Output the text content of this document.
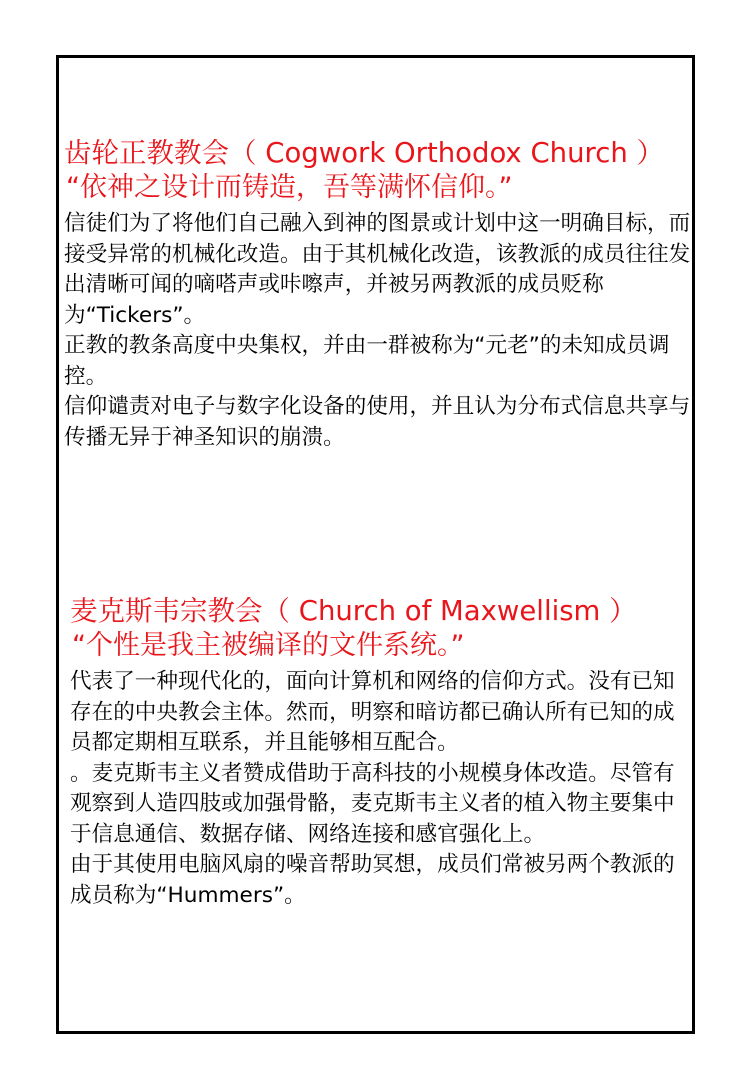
齿轮正教教会（ Cogwork Orthodox Church ）
“依神之设计而铸造，吾等满怀信仰。”

信徒们为了将他们自己融入到神的图景或计划中这一明确目标，而接受异常的机械化改造。由于其机械化改造，该教派的成员往往发出清晰可闻的嘀嗒声或咔嚓声，并被另两教派的成员贬称为“Tickers”。

正教的教条高度中央集权，并由一群被称为“元老”的未知成员调控。

信仰谴责对电子与数字化设备的使用，并且认为分布式信息共享与传播无异于神圣知识的崩溃。

麦克斯韦宗教会（ Church of Maxwellism ）
“个性是我主被编译的文件系统。”

代表了一种现代化的，面向计算机和网络的信仰方式。没有已知存在的中央教会主体。然而，明察和暗访都已确认所有已知的成员都定期相互联系，并且能够相互配合。

。麦克斯韦主义者赞成借助于高科技的小规模身体改造。尽管有观察到人造四肢或加强骨骼，麦克斯韦主义者的植入物主要集中于信息通信、数据存储、网络连接和感官强化上。

由于其使用电脑风扇的噪音帮助冥想，成员们常被另两个教派的成员称为“Hummers”。
